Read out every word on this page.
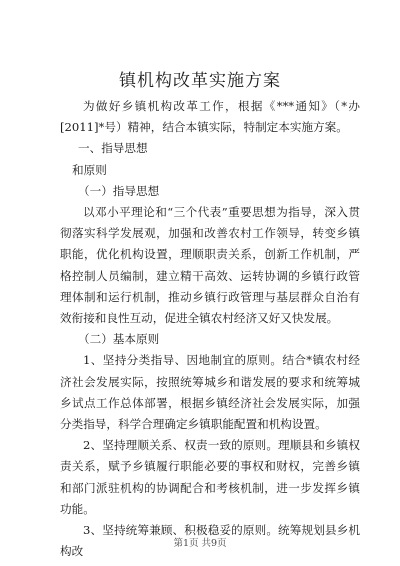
镇机构改革实施方案

为做好乡镇机构改革工作，根据《***通知》（*办[2011]*号）精神，结合本镇实际，特制定本实施方案。

一、指导思想

和原则

（一）指导思想

以邓小平理论和“三个代表”重要思想为指导，深入贯彻落实科学发展观，加强和改善农村工作领导，转变乡镇职能，优化机构设置，理顺职责关系，创新工作机制，严格控制人员编制，建立精干高效、运转协调的乡镇行政管理体制和运行机制，推动乡镇行政管理与基层群众自治有效衔接和良性互动，促进全镇农村经济又好又快发展。

（二）基本原则

1、坚持分类指导、因地制宜的原则。结合*镇农村经济社会发展实际，按照统筹城乡和谐发展的要求和统筹城乡试点工作总体部署，根据乡镇经济社会发展实际，加强分类指导，科学合理确定乡镇职能配置和机构设置。

2、坚持理顺关系、权责一致的原则。理顺县和乡镇权责关系，赋予乡镇履行职能必要的事权和财权，完善乡镇和部门派驻机构的协调配合和考核机制，进一步发挥乡镇功能。

3、坚持统筹兼顾、积极稳妥的原则。统筹规划县乡机构改

第1页 共9页
